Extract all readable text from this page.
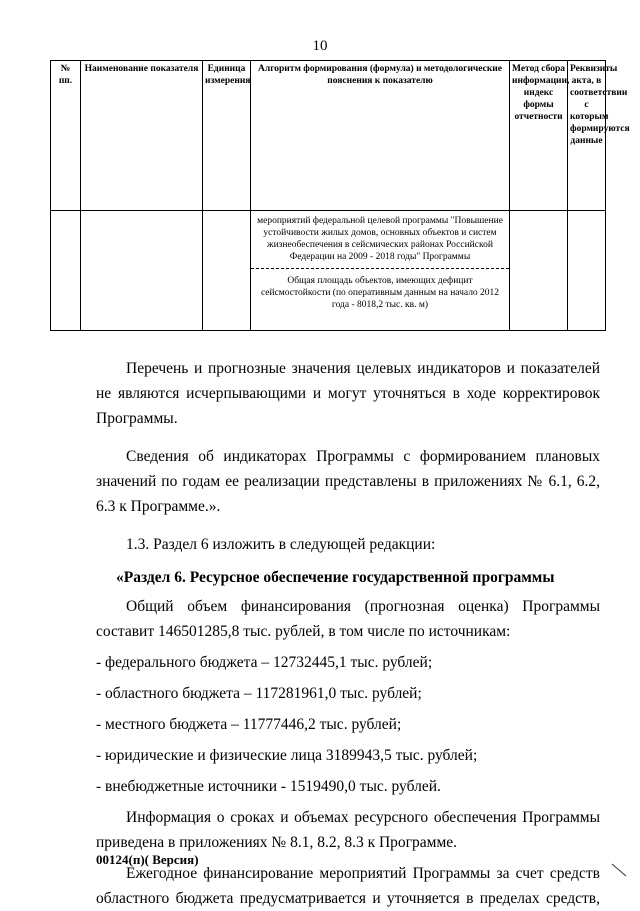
10
№ пп.	Наименование показателя	Единица измерения	Алгоритм формирования (формула) и методологические пояснения к показателю	Метод сбора информации, индекс формы отчетности	Реквизиты акта, в соответствии с которым формируются данные

			мероприятий федеральной целевой программы "Повышение устойчивости жилых домов, основных объектов и систем жизнеобеспечения в сейсмических районах Российской Федерации на 2009 - 2018 годы" Программы
Общая площадь объектов, имеющих дефицит сейсмостойкости (по оперативным данным на начало 2012 года - 8018,2 тыс. кв. м)		

Перечень и прогнозные значения целевых индикаторов и показателей не являются исчерпывающими и могут уточняться в ходе корректировок Программы.

Сведения об индикаторах Программы с формированием плановых значений по годам ее реализации представлены в приложениях № 6.1, 6.2, 6.3 к Программе.».

1.3. Раздел 6 изложить в следующей редакции:

«Раздел 6. Ресурсное обеспечение государственной программы

Общий объем финансирования (прогнозная оценка) Программы составит 146501285,8 тыс. рублей, в том числе по источникам:

- федерального бюджета – 12732445,1 тыс. рублей;

- областного бюджета – 117281961,0 тыс. рублей;

- местного бюджета – 11777446,2 тыс. рублей;

- юридические и физические лица 3189943,5 тыс. рублей;

- внебюджетные источники - 1519490,0 тыс. рублей.

Информация о сроках и объемах ресурсного обеспечения Программы приведена в приложениях № 8.1, 8.2, 8.3 к Программе.

Ежегодное финансирование мероприятий Программы за счет средств областного бюджета предусматривается и уточняется в пределах средств,

00124(п)( Версия)
